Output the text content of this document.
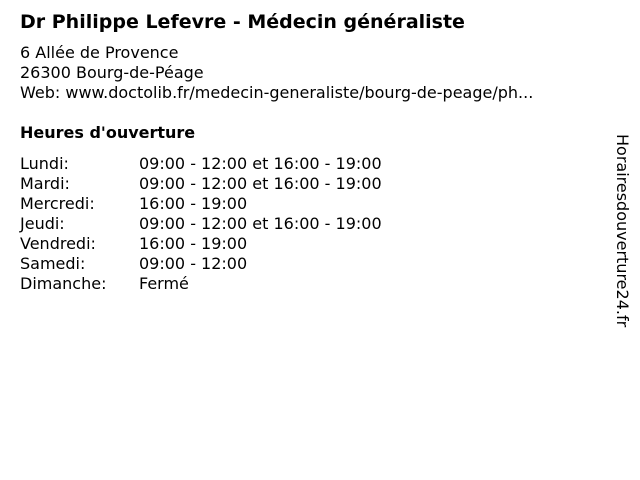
Dr Philippe Lefevre - Médecin généraliste
6 Allée de Provence
26300 Bourg-de-Péage
Web: www.doctolib.fr/medecin-generaliste/bourg-de-peage/ph...
Heures d'ouverture
Lundi:	09:00 - 12:00 et 16:00 - 19:00
Mardi:	09:00 - 12:00 et 16:00 - 19:00
Mercredi:	16:00 - 19:00
Jeudi:	09:00 - 12:00 et 16:00 - 19:00
Vendredi:	16:00 - 19:00
Samedi:	09:00 - 12:00
Dimanche:	Fermé	Horairesdouverture24.fr
